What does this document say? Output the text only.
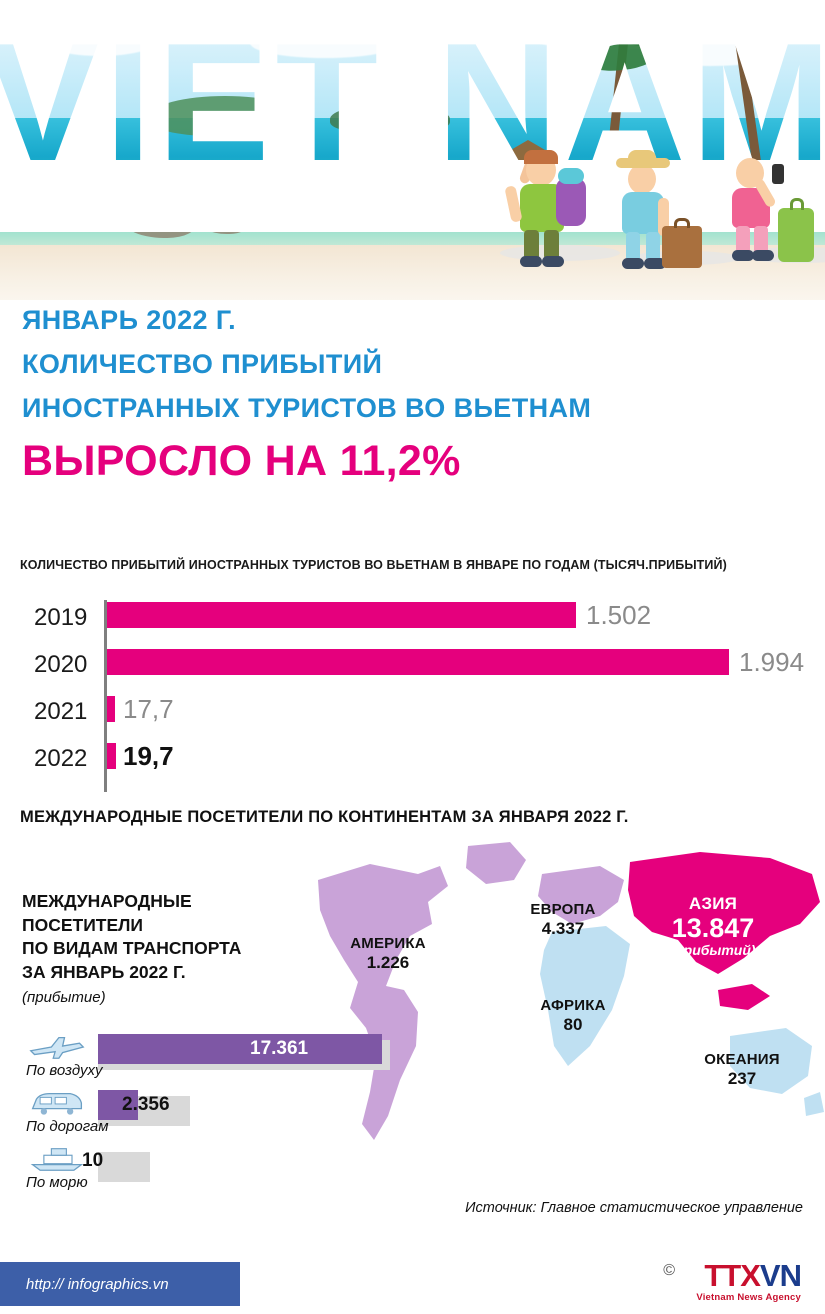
ЯНВАРЬ 2022 Г.
КОЛИЧЕСТВО ПРИБЫТИЙ
ИНОСТРАННЫХ ТУРИСТОВ ВО ВЬЕТНАМ
ВЫРОСЛО НА 11,2%
КОЛИЧЕСТВО ПРИБЫТИЙ ИНОСТРАННЫХ ТУРИСТОВ ВО ВЬЕТНАМ В ЯНВАРЕ ПО ГОДАМ (ТЫСЯЧ.ПРИБЫТИЙ)
2019	1.502
2020	1.994
2021	17,7
2022	19,7
МЕЖДУНАРОДНЫЕ ПОСЕТИТЕЛИ ПО КОНТИНЕНТАМ ЗА ЯНВАРЯ 2022 Г.
АМЕРИКА
1.226
ЕВРОПА
4.337
АЗИЯ
13.847
(прибытий)
АФРИКА
80
ОКЕАНИЯ
237
МЕЖДУНАРОДНЫЕ ПОСЕТИТЕЛИ
ПО ВИДАМ ТРАНСПОРТА
ЗА ЯНВАРЬ 2022 Г.
(прибытие)
По воздуху
17.361
По дорогам
2.356
По морю
10
Источник: Главное статистическое управление
http:// infographics.vn
© TTXVN
Vietnam News Agency
